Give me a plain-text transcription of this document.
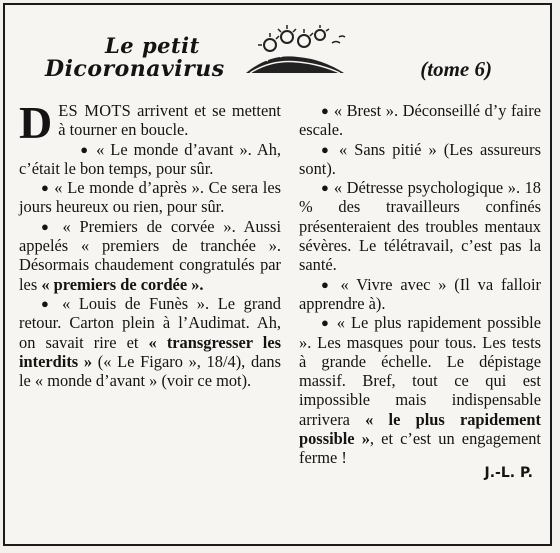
Le petit
Dicoronavirus	(tome 6)

DES MOTS arrivent et se mettent à tourner en boucle.

● « Le monde d’avant ». Ah, c’était le bon temps, pour sûr.

● « Le monde d’après ». Ce sera les jours heureux ou rien, pour sûr.

● « Premiers de corvée ». Aussi appelés « premiers de tranchée ». Désormais chaudement congratulés par les « premiers de cordée ».

● « Louis de Funès ». Le grand retour. Carton plein à l’Audimat. Ah, on savait rire et « transgresser les interdits » (« Le Figaro », 18/4), dans le « monde d’avant » (voir ce mot).

● « Brest ». Déconseillé d’y faire escale.

● « Sans pitié » (Les assureurs sont).

● « Détresse psychologique ». 18 % des travailleurs confinés présenteraient des troubles mentaux sévères. Le télétravail, c’est pas la santé.

● « Vivre avec » (Il va falloir apprendre à).

● « Le plus rapidement possible ». Les masques pour tous. Les tests à grande échelle. Le dépistage massif. Bref, tout ce qui est impossible mais indispensable arrivera « le plus rapidement possible », et c’est un engagement ferme !

J.-L. P.
